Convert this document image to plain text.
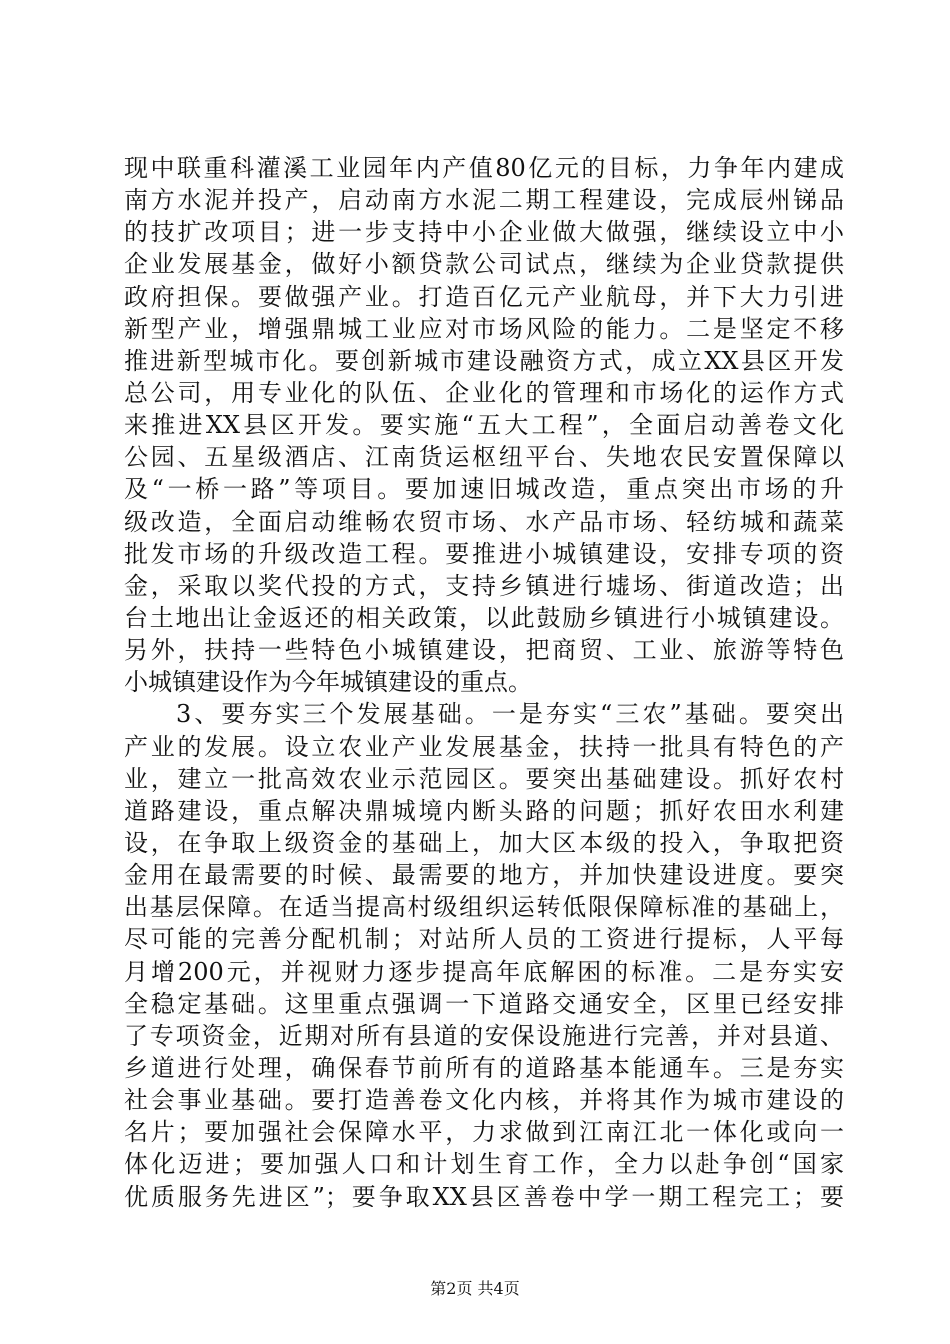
现中联重科灌溪工业园年内产值80亿元的目标，力争年内建成
南方水泥并投产，启动南方水泥二期工程建设，完成辰州锑品
的技扩改项目；进一步支持中小企业做大做强，继续设立中小
企业发展基金，做好小额贷款公司试点，继续为企业贷款提供
政府担保。要做强产业。打造百亿元产业航母，并下大力引进
新型产业，增强鼎城工业应对市场风险的能力。二是坚定不移
推进新型城市化。要创新城市建设融资方式，成立XX县区开发
总公司，用专业化的队伍、企业化的管理和市场化的运作方式
来推进XX县区开发。要实施“五大工程”，全面启动善卷文化
公园、五星级酒店、江南货运枢纽平台、失地农民安置保障以
及“一桥一路”等项目。要加速旧城改造，重点突出市场的升
级改造，全面启动维畅农贸市场、水产品市场、轻纺城和蔬菜
批发市场的升级改造工程。要推进小城镇建设，安排专项的资
金，采取以奖代投的方式，支持乡镇进行墟场、街道改造；出
台土地出让金返还的相关政策，以此鼓励乡镇进行小城镇建设。
另外，扶持一些特色小城镇建设，把商贸、工业、旅游等特色
小城镇建设作为今年城镇建设的重点。
3、要夯实三个发展基础。一是夯实“三农”基础。要突出
产业的发展。设立农业产业发展基金，扶持一批具有特色的产
业，建立一批高效农业示范园区。要突出基础建设。抓好农村
道路建设，重点解决鼎城境内断头路的问题；抓好农田水利建
设，在争取上级资金的基础上，加大区本级的投入，争取把资
金用在最需要的时候、最需要的地方，并加快建设进度。要突
出基层保障。在适当提高村级组织运转低限保障标准的基础上，
尽可能的完善分配机制；对站所人员的工资进行提标，人平每
月增200元，并视财力逐步提高年底解困的标准。二是夯实安
全稳定基础。这里重点强调一下道路交通安全，区里已经安排
了专项资金，近期对所有县道的安保设施进行完善，并对县道、
乡道进行处理，确保春节前所有的道路基本能通车。三是夯实
社会事业基础。要打造善卷文化内核，并将其作为城市建设的
名片；要加强社会保障水平，力求做到江南江北一体化或向一
体化迈进；要加强人口和计划生育工作，全力以赴争创“国家
优质服务先进区”；要争取XX县区善卷中学一期工程完工；要
第2页 共4页
